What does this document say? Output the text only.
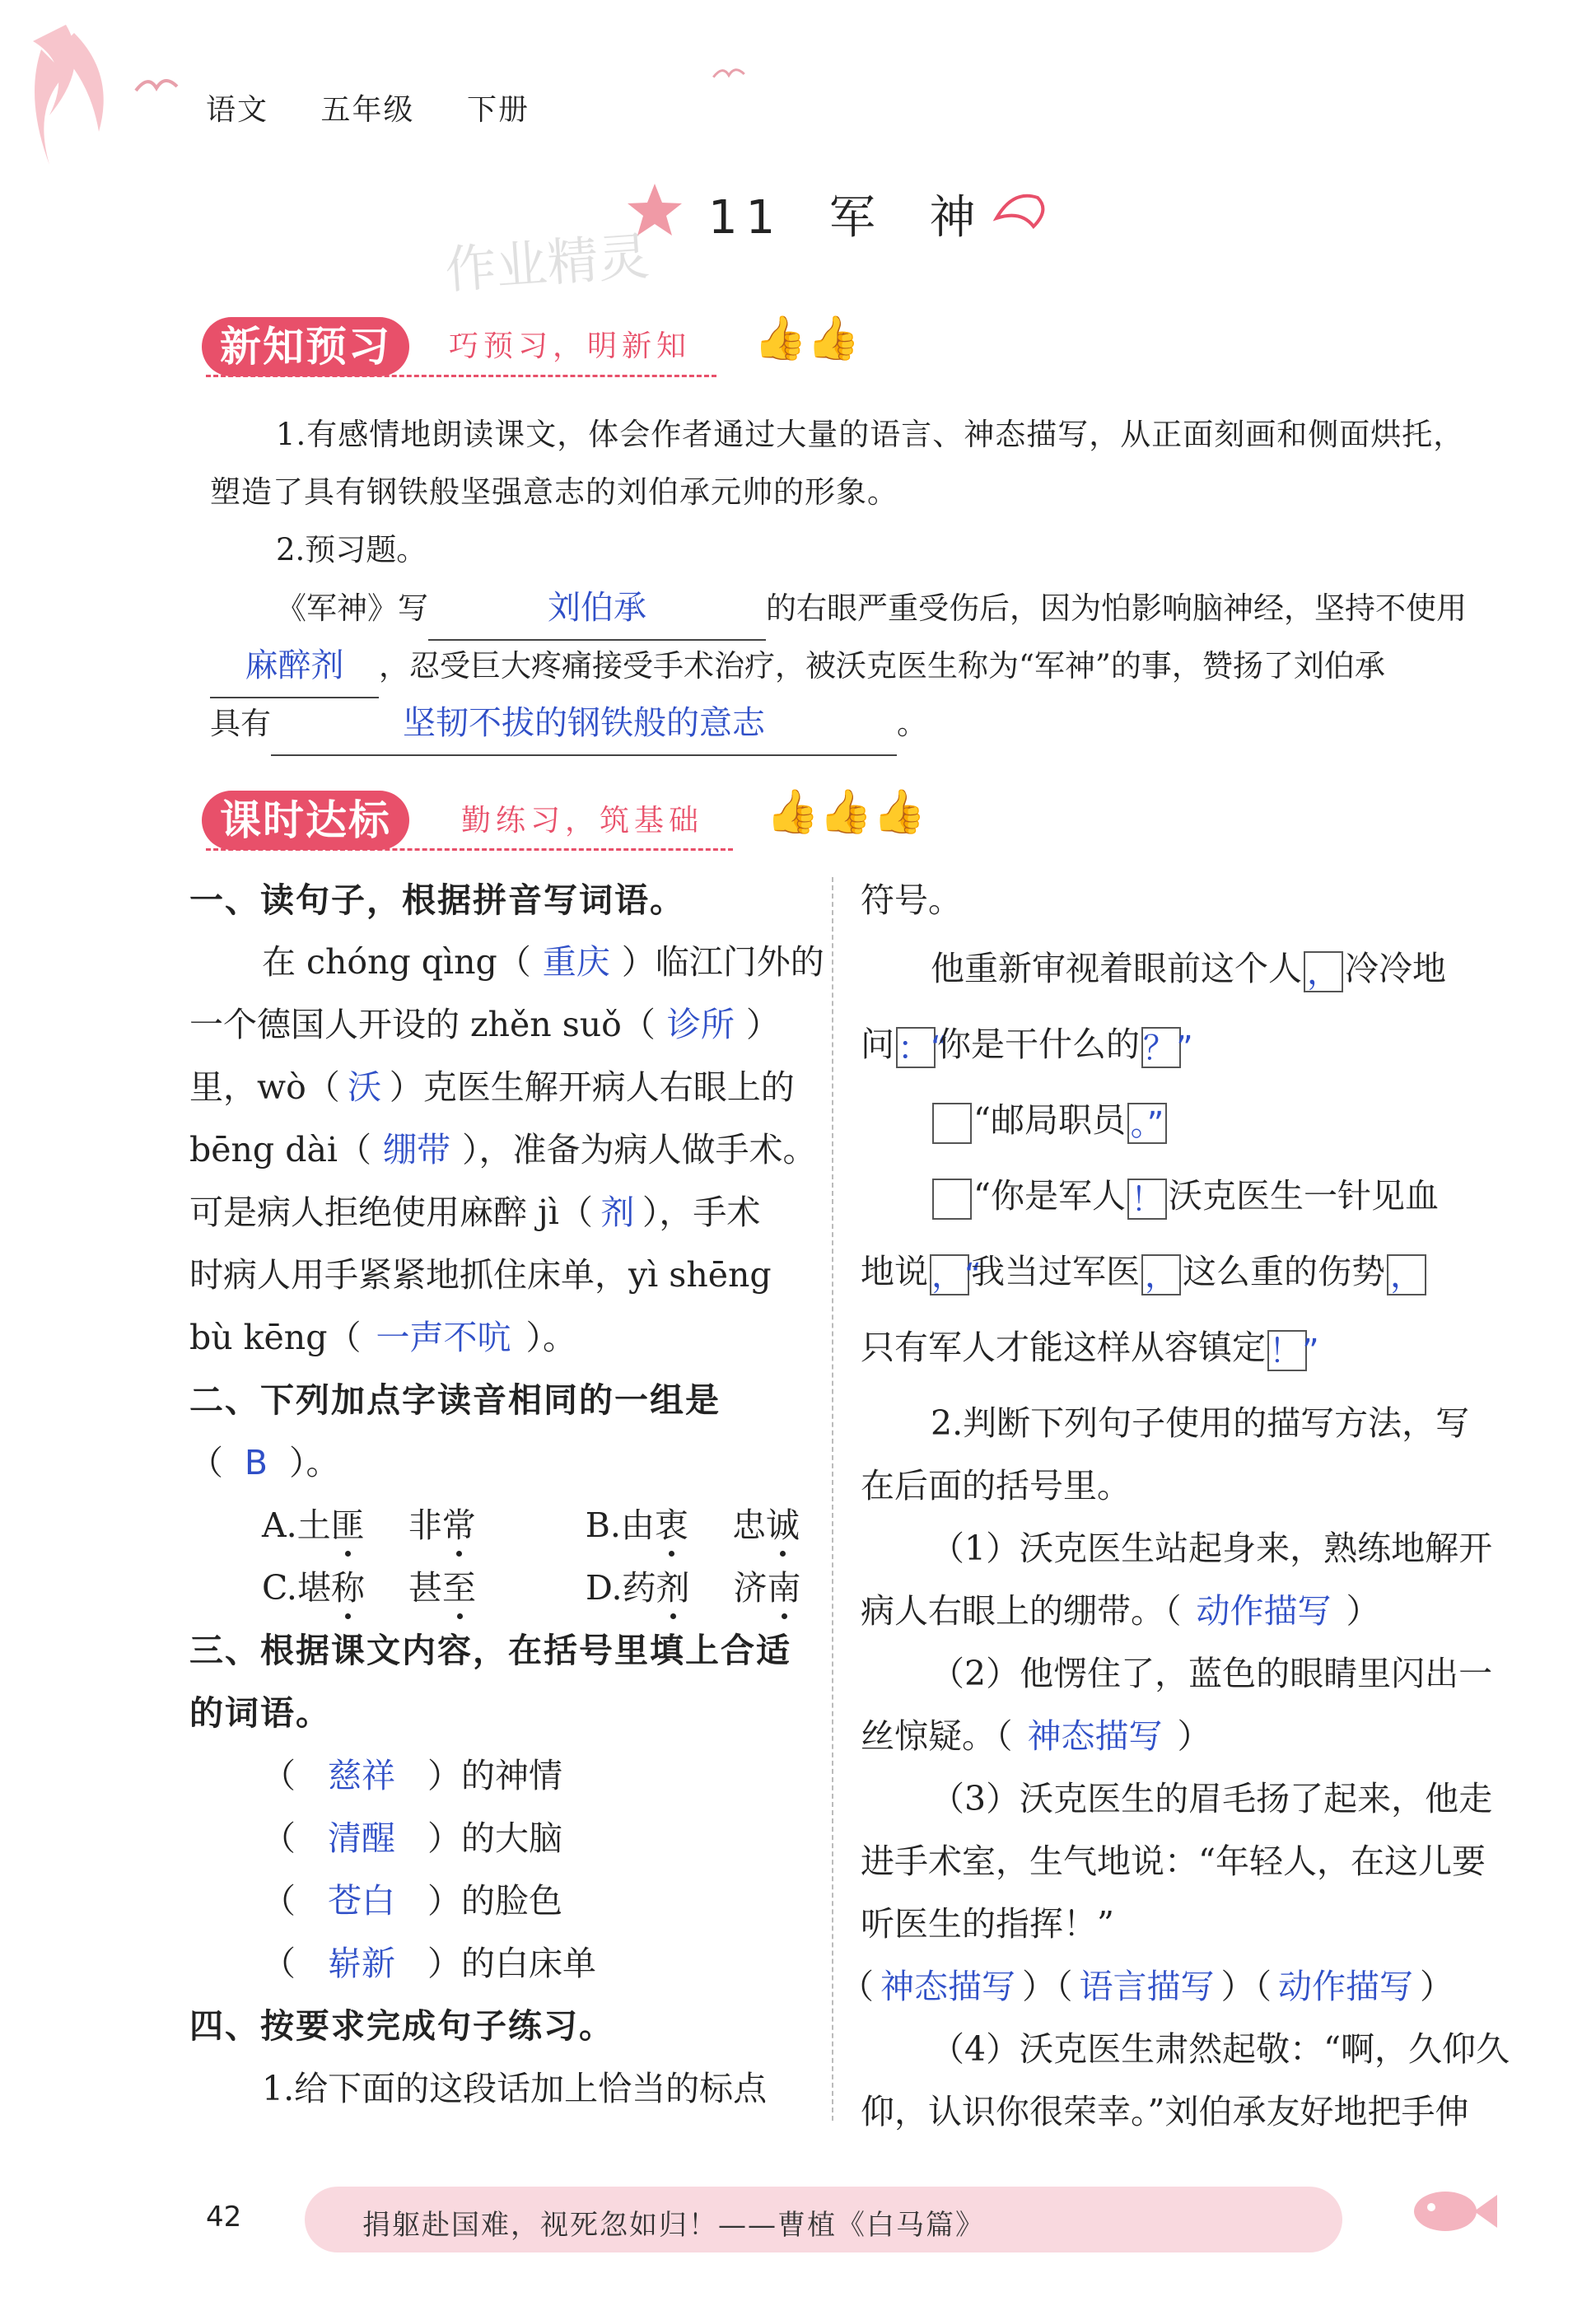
语文 五年级 下册
11  军  神
作业精灵
新知预习	巧预习，明新知 👍👍
1.有感情地朗读课文，体会作者通过大量的语言、神态描写，从正面刻画和侧面烘托，
塑造了具有钢铁般坚强意志的刘伯承元帅的形象。
2.预习题。
《军神》写	刘伯承	的右眼严重受伤后，因为怕影响脑神经，坚持不使用
麻醉剂 ，忍受巨大疼痛接受手术治疗，被沃克医生称为“军神”的事，赞扬了刘伯承
具有	坚韧不拔的钢铁般的意志	。
课时达标	勤练习，筑基础 👍👍👍
一、读句子，根据拼音写词语。
在 chóng qìng（ 重庆 ）临江门外的
一个德国人开设的 zhěn suǒ（ 诊所 ）
里，wò（ 沃 ）克医生解开病人右眼上的
bēng dài（ 绷带 ），准备为病人做手术。
可是病人拒绝使用麻醉 jì（ 剂 ），手术
时病人用手紧紧地抓住床单，yì shēng
bù kēng（ 一声不吭 ）。
二、下列加点字读音相同的一组是
（ B ）。
A.土匪 非常	B.由衷 忠诚
C.堪称 甚至	D.药剂 济南
三、根据课文内容，在括号里填上合适
的词语。
（ 慈祥 ）的神情
（ 清醒 ）的大脑
（ 苍白 ）的脸色
（ 崭新 ）的白床单
四、按要求完成句子练习。
1.给下面的这段话加上恰当的标点
符号。
他重新审视着眼前这个人 ， 冷冷地
问 ：“你是干什么的 ？”
“邮局职员 。”
“你是军人 ！ 沃克医生一针见血
地说 ，“我当过军医 ， 这么重的伤势 ，
只有军人才能这样从容镇定 ！”
2.判断下列句子使用的描写方法，写
在后面的括号里。
（1）沃克医生站起身来，熟练地解开
病人右眼上的绷带。（ 动作描写 ）
（2）他愣住了，蓝色的眼睛里闪出一
丝惊疑。（ 神态描写 ）
（3）沃克医生的眉毛扬了起来，他走
进手术室，生气地说：“年轻人，在这儿要
听医生的指挥！”
（ 神态描写 ）（ 语言描写 ）（ 动作描写 ）
（4）沃克医生肃然起敬：“啊，久仰久
仰，认识你很荣幸。”刘伯承友好地把手伸
42	捐躯赴国难，视死忽如归！——曹植《白马篇》
